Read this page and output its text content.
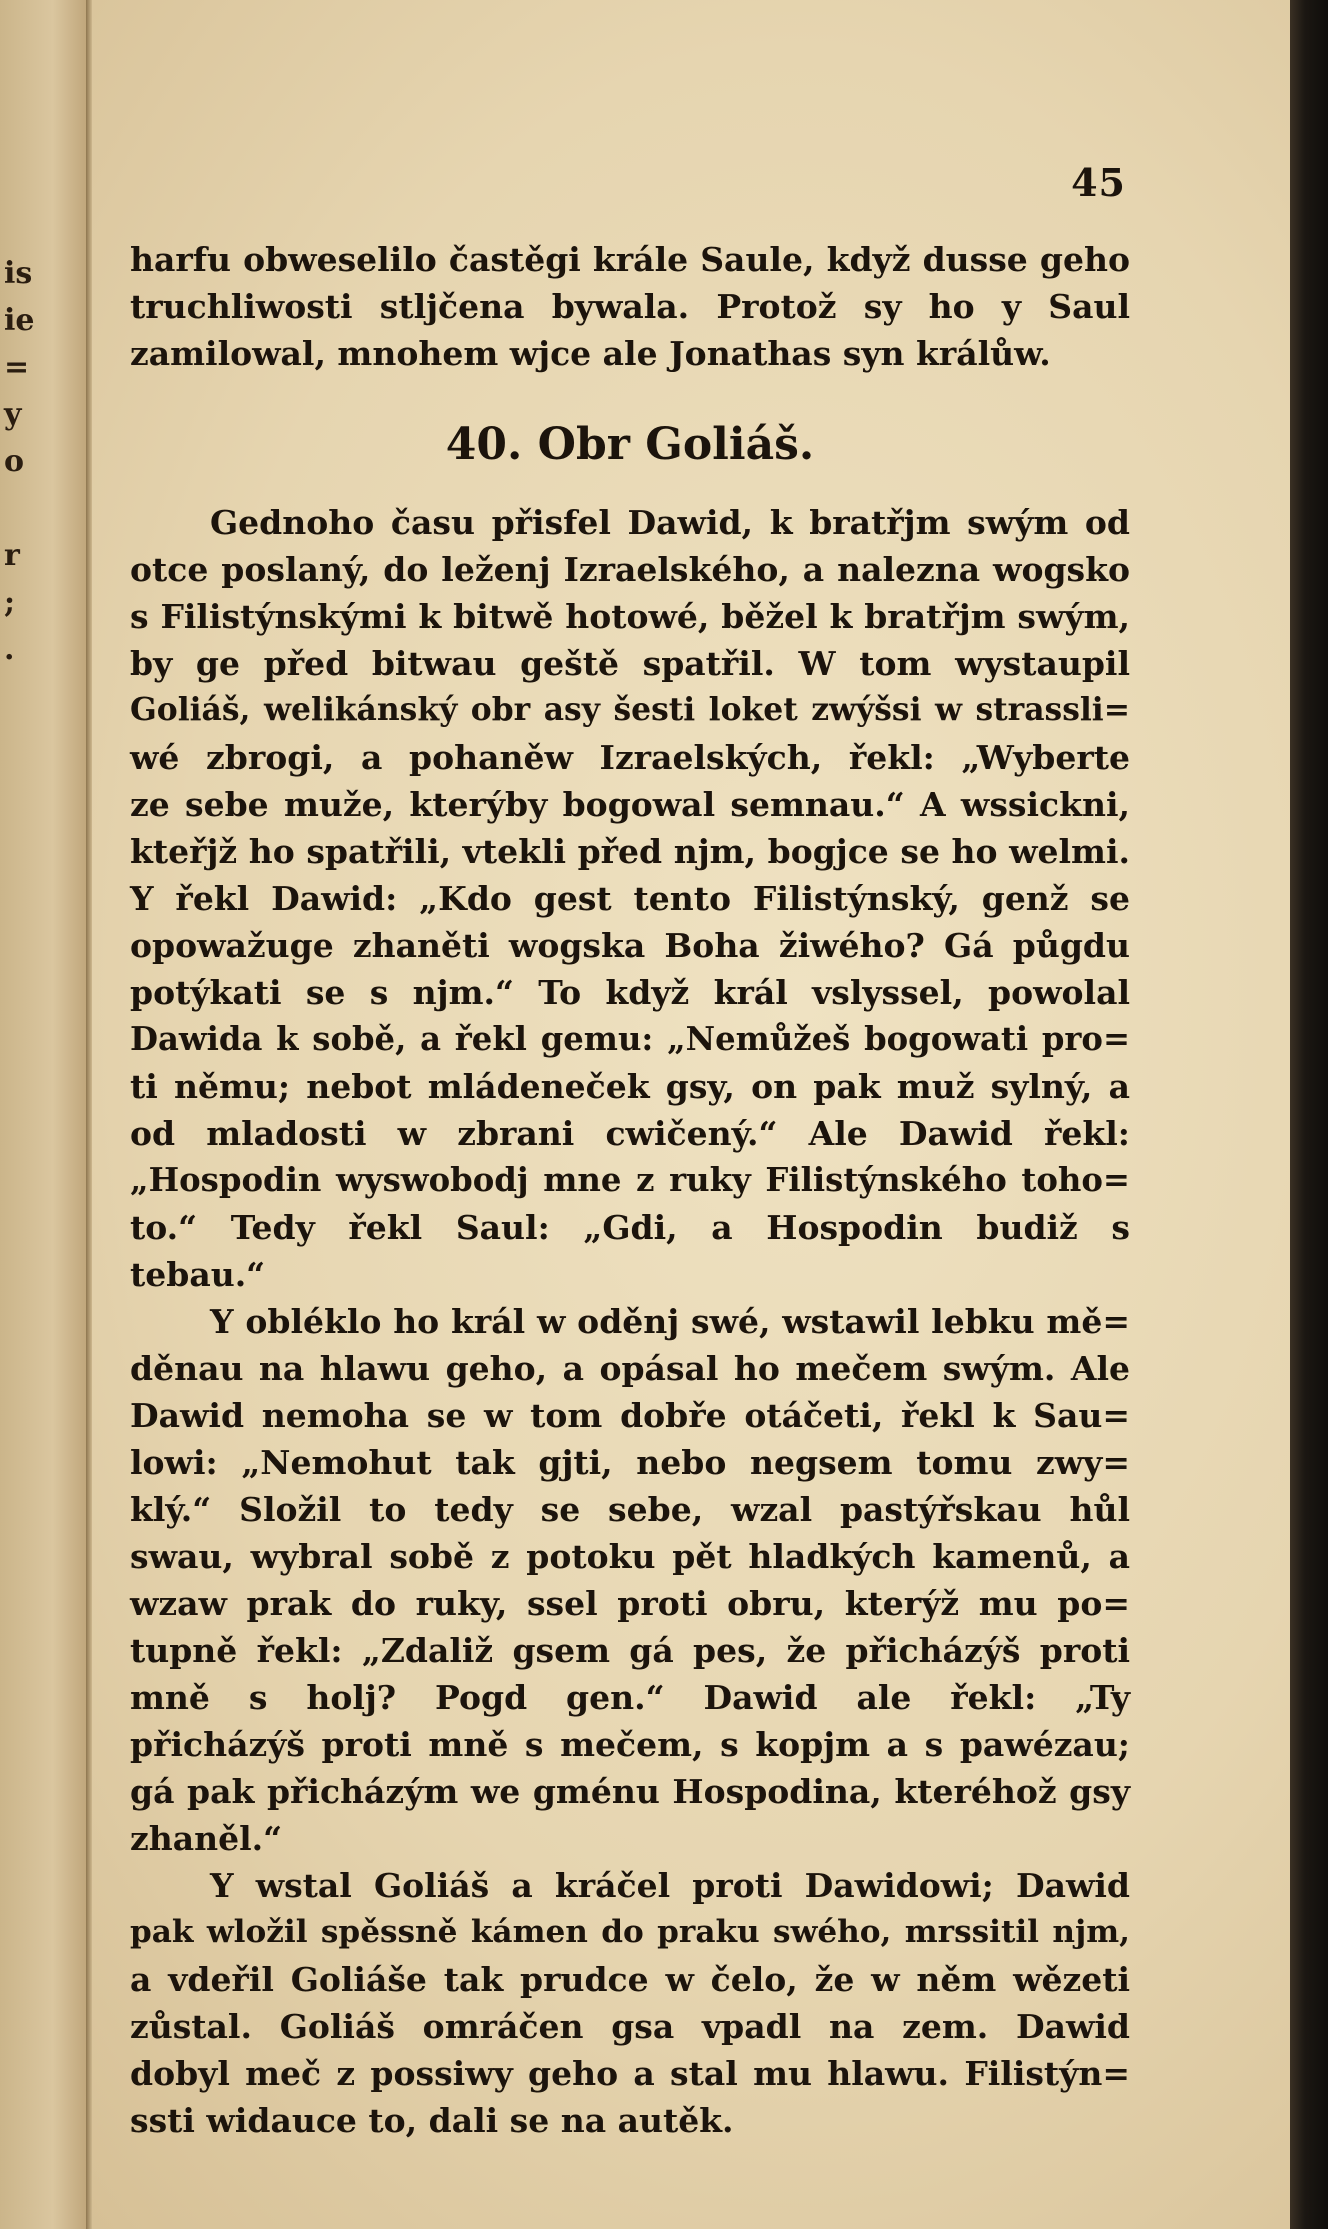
is
ie
=
y
o
r
;
.
45
harfu obweselilo častěgi krále Saule, když dusse geho
truchliwosti stljčena bywala. Protož sy ho y Saul
zamilowal, mnohem wjce ale Jonathas syn králůw.
40. Obr Goliáš.
Gednoho času přisfel Dawid, k bratřjm swým od
otce poslaný, do leženj Izraelského, a nalezna wogsko
s Filistýnskými k bitwě hotowé, běžel k bratřjm swým,
by ge před bitwau geště spatřil. W tom wystaupil
Goliáš, welikánský obr asy šesti loket zwýšsi w strassli=
wé zbrogi, a pohaněw Izraelských, řekl: „Wyberte
ze sebe muže, kterýby bogowal semnau.“ A wssickni,
kteřjž ho spatřili, vtekli před njm, bogjce se ho welmi.
Y řekl Dawid: „Kdo gest tento Filistýnský, genž se
opowažuge zhaněti wogska Boha žiwého? Gá půgdu
potýkati se s njm.“ To když král vslyssel, powolal
Dawida k sobě, a řekl gemu: „Nemůžeš bogowati pro=
ti němu; nebot mládeneček gsy, on pak muž sylný, a
od mladosti w zbrani cwičený.“ Ale Dawid řekl:
„Hospodin wyswobodj mne z ruky Filistýnského toho=
to.“ Tedy řekl Saul: „Gdi, a Hospodin budiž s
tebau.“
Y obléklo ho král w oděnj swé, wstawil lebku mě=
děnau na hlawu geho, a opásal ho mečem swým. Ale
Dawid nemoha se w tom dobře otáčeti, řekl k Sau=
lowi: „Nemohut tak gjti, nebo negsem tomu zwy=
klý.“ Složil to tedy se sebe, wzal pastýřskau hůl
swau, wybral sobě z potoku pět hladkých kamenů, a
wzaw prak do ruky, ssel proti obru, kterýž mu po=
tupně řekl: „Zdaliž gsem gá pes, že přicházýš proti
mně s holj? Pogd gen.“ Dawid ale řekl: „Ty
přicházýš proti mně s mečem, s kopjm a s pawézau;
gá pak přicházým we gménu Hospodina, kteréhož gsy
zhaněl.“
Y wstal Goliáš a kráčel proti Dawidowi; Dawid
pak wložil spěssně kámen do praku swého, mrssitil njm,
a vdeřil Goliáše tak prudce w čelo, že w něm wězeti
zůstal. Goliáš omráčen gsa vpadl na zem. Dawid
dobyl meč z possiwy geho a stal mu hlawu. Filistýn=
ssti widauce to, dali se na autěk.
